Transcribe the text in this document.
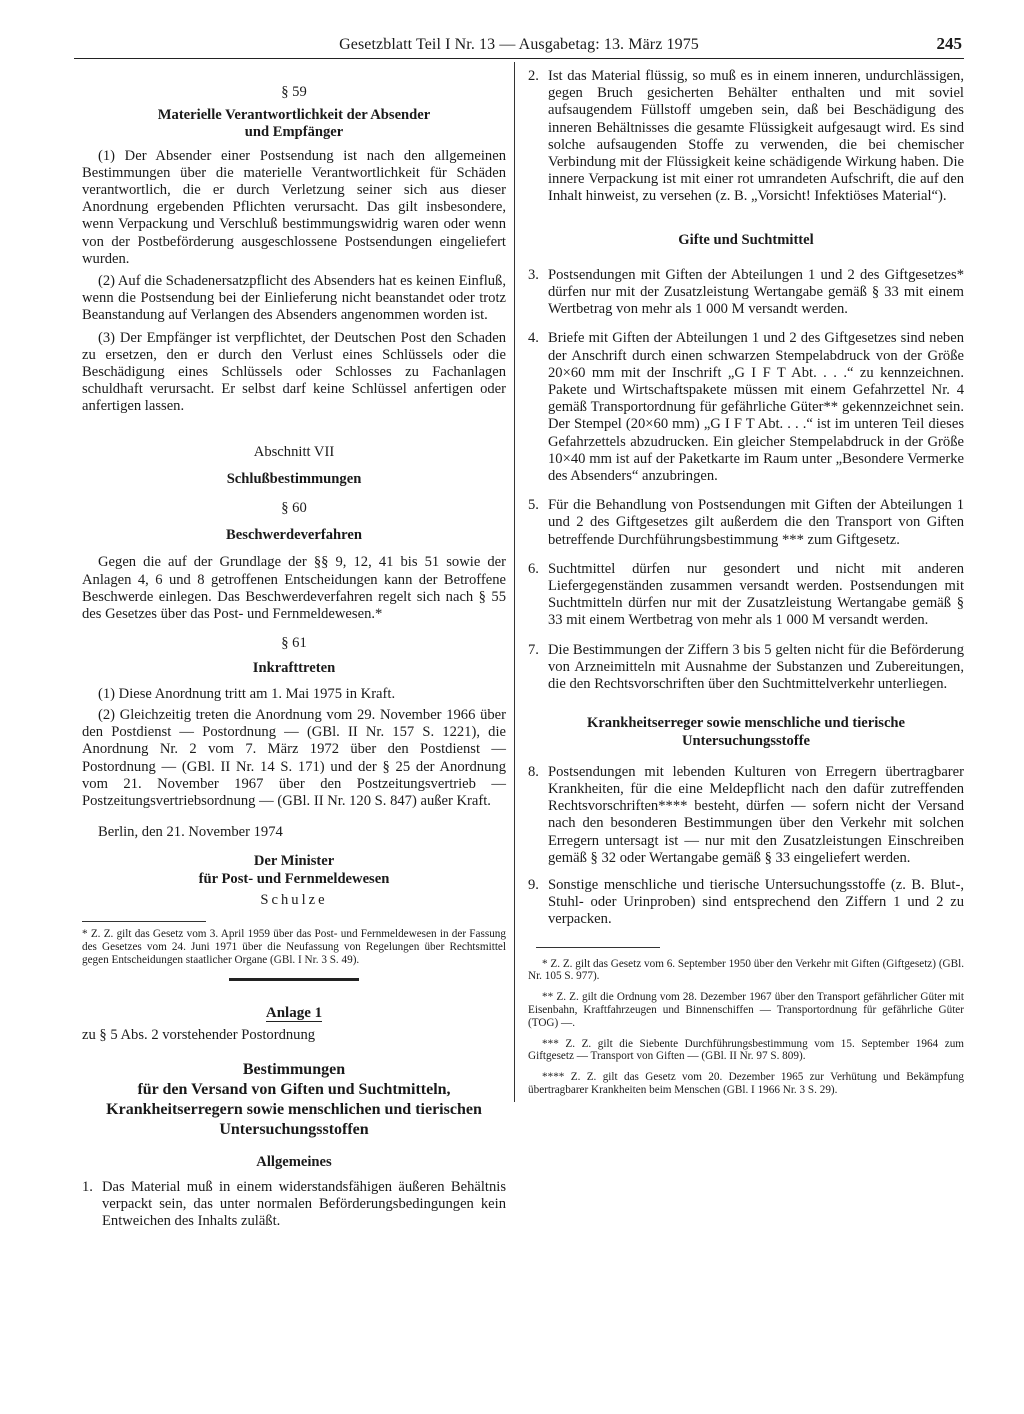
Gesetzblatt Teil I Nr. 13 — Ausgabetag: 13. März 1975	245

§ 59

Materielle Verantwortlichkeit der Absender

und Empfänger

(1) Der Absender einer Postsendung ist nach den allgemeinen Bestimmungen über die materielle Verantwortlichkeit für Schäden verantwortlich, die er durch Verletzung seiner sich aus dieser Anordnung ergebenden Pflichten verursacht. Das gilt insbesondere, wenn Verpackung und Verschluß bestimmungswidrig waren oder wenn von der Postbeförderung ausgeschlossene Postsendungen eingeliefert wurden.

(2) Auf die Schadenersatzpflicht des Absenders hat es keinen Einfluß, wenn die Postsendung bei der Einlieferung nicht beanstandet oder trotz Beanstandung auf Verlangen des Absenders angenommen worden ist.

(3) Der Empfänger ist verpflichtet, der Deutschen Post den Schaden zu ersetzen, den er durch den Verlust eines Schlüssels oder die Beschädigung eines Schlüssels oder Schlosses zu Fachanlagen schuldhaft verursacht. Er selbst darf keine Schlüssel anfertigen oder anfertigen lassen.

Abschnitt VII

Schlußbestimmungen

§ 60

Beschwerdeverfahren

Gegen die auf der Grundlage der §§ 9, 12, 41 bis 51 sowie der Anlagen 4, 6 und 8 getroffenen Entscheidungen kann der Betroffene Beschwerde einlegen. Das Beschwerdeverfahren regelt sich nach § 55 des Gesetzes über das Post- und Fernmeldewesen.*

§ 61

Inkrafttreten

(1) Diese Anordnung tritt am 1. Mai 1975 in Kraft.

(2) Gleichzeitig treten die Anordnung vom 29. November 1966 über den Postdienst — Postordnung — (GBl. II Nr. 157 S. 1221), die Anordnung Nr. 2 vom 7. März 1972 über den Postdienst — Postordnung — (GBl. II Nr. 14 S. 171) und der § 25 der Anordnung vom 21. November 1967 über den Postzeitungsvertrieb — Postzeitungsvertriebsordnung — (GBl. II Nr. 120 S. 847) außer Kraft.

Berlin, den 21. November 1974

Der Minister

für Post- und Fernmeldewesen

Schulze

* Z. Z. gilt das Gesetz vom 3. April 1959 über das Post- und Fernmeldewesen in der Fassung des Gesetzes vom 24. Juni 1971 über die Neufassung von Regelungen über Rechtsmittel gegen Entscheidungen staatlicher Organe (GBl. I Nr. 3 S. 49).

Anlage 1

zu § 5 Abs. 2 vorstehender Postordnung

Bestimmungen

für den Versand von Giften und Suchtmitteln,

Krankheitserregern sowie menschlichen und tierischen

Untersuchungsstoffen

Allgemeines

1. Das Material muß in einem widerstandsfähigen äußeren Behältnis verpackt sein, das unter normalen Beförderungsbedingungen kein Entweichen des Inhalts zuläßt.
2. Ist das Material flüssig, so muß es in einem inneren, undurchlässigen, gegen Bruch gesicherten Behälter enthalten und mit soviel aufsaugendem Füllstoff umgeben sein, daß bei Beschädigung des inneren Behältnisses die gesamte Flüssigkeit aufgesaugt wird. Es sind solche aufsaugenden Stoffe zu verwenden, die bei chemischer Verbindung mit der Flüssigkeit keine schädigende Wirkung haben. Die innere Verpackung ist mit einer rot umrandeten Aufschrift, die auf den Inhalt hinweist, zu versehen (z. B. „Vorsicht! Infektiöses Material“).

Gifte und Suchtmittel

3. Postsendungen mit Giften der Abteilungen 1 und 2 des Giftgesetzes* dürfen nur mit der Zusatzleistung Wertangabe gemäß § 33 mit einem Wertbetrag von mehr als 1 000 M versandt werden.
4. Briefe mit Giften der Abteilungen 1 und 2 des Giftgesetzes sind neben der Anschrift durch einen schwarzen Stempelabdruck von der Größe 20×60 mm mit der Inschrift „G I F T Abt. . . .“ zu kennzeichnen. Pakete und Wirtschaftspakete müssen mit einem Gefahrzettel Nr. 4 gemäß Transportordnung für gefährliche Güter** gekennzeichnet sein. Der Stempel (20×60 mm) „G I F T Abt. . . .“ ist im unteren Teil dieses Gefahrzettels abzudrucken. Ein gleicher Stempelabdruck in der Größe 10×40 mm ist auf der Paketkarte im Raum unter „Besondere Vermerke des Absenders“ anzubringen.
5. Für die Behandlung von Postsendungen mit Giften der Abteilungen 1 und 2 des Giftgesetzes gilt außerdem die den Transport von Giften betreffende Durchführungsbestimmung *** zum Giftgesetz.
6. Suchtmittel dürfen nur gesondert und nicht mit anderen Liefergegenständen zusammen versandt werden. Postsendungen mit Suchtmitteln dürfen nur mit der Zusatzleistung Wertangabe gemäß § 33 mit einem Wertbetrag von mehr als 1 000 M versandt werden.
7. Die Bestimmungen der Ziffern 3 bis 5 gelten nicht für die Beförderung von Arzneimitteln mit Ausnahme der Substanzen und Zubereitungen, die den Rechtsvorschriften über den Suchtmittelverkehr unterliegen.

Krankheitserreger sowie menschliche und tierische

Untersuchungsstoffe

8. Postsendungen mit lebenden Kulturen von Erregern übertragbarer Krankheiten, für die eine Meldepflicht nach den dafür zutreffenden Rechtsvorschriften**** besteht, dürfen — sofern nicht der Versand nach den besonderen Bestimmungen über den Verkehr mit solchen Erregern untersagt ist — nur mit den Zusatzleistungen Einschreiben gemäß § 32 oder Wertangabe gemäß § 33 eingeliefert werden.
9. Sonstige menschliche und tierische Untersuchungsstoffe (z. B. Blut-, Stuhl- oder Urinproben) sind entsprechend den Ziffern 1 und 2 zu verpacken.

* Z. Z. gilt das Gesetz vom 6. September 1950 über den Verkehr mit Giften (Giftgesetz) (GBl. Nr. 105 S. 977).

** Z. Z. gilt die Ordnung vom 28. Dezember 1967 über den Transport gefährlicher Güter mit Eisenbahn, Kraftfahrzeugen und Binnenschiffen — Transportordnung für gefährliche Güter (TOG) —.

*** Z. Z. gilt die Siebente Durchführungsbestimmung vom 15. September 1964 zum Giftgesetz — Transport von Giften — (GBl. II Nr. 97 S. 809).

**** Z. Z. gilt das Gesetz vom 20. Dezember 1965 zur Verhütung und Bekämpfung übertragbarer Krankheiten beim Menschen (GBl. I 1966 Nr. 3 S. 29).
